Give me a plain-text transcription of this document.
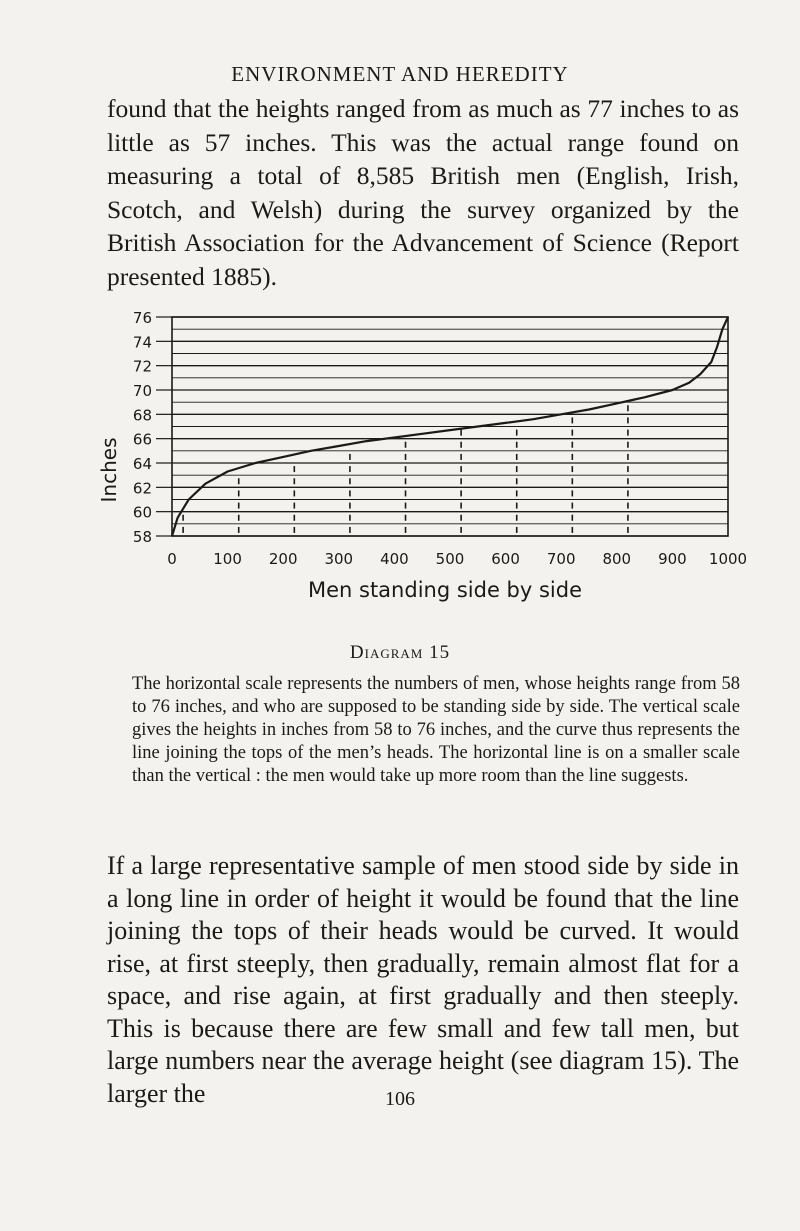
ENVIRONMENT AND HEREDITY

found that the heights ranged from as much as 77 inches to as little as 57 inches. This was the actual range found on measuring a total of 8,585 British men (English, Irish, Scotch, and Welsh) during the survey organized by the British Association for the Advancement of Science (Report presented 1885).

76
74
72
70
68
66
64
62
60
58
0 100 200 300 400 500 600 700 800 900 1000
Inches
Men standing side by side
Diagram 15

The horizontal scale represents the numbers of men, whose heights range from 58 to 76 inches, and who are supposed to be standing side by side. The vertical scale gives the heights in inches from 58 to 76 inches, and the curve thus represents the line joining the tops of the men’s heads. The horizontal line is on a smaller scale than the vertical : the men would take up more room than the line suggests.

If a large representative sample of men stood side by side in a long line in order of height it would be found that the line joining the tops of their heads would be curved. It would rise, at first steeply, then gradually, remain almost flat for a space, and rise again, at first gradually and then steeply. This is because there are few small and few tall men, but large numbers near the average height (see diagram 15). The larger the	106
